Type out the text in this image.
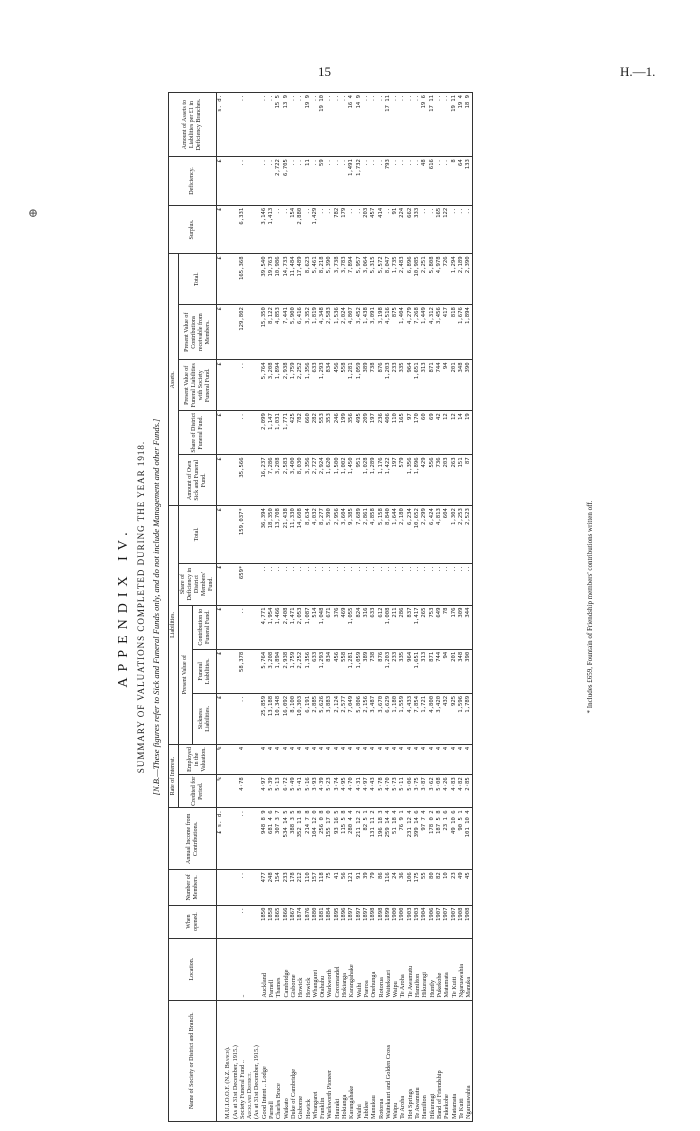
15	H.—1.
⊕
APPENDIX IV. SUMMARY OF VALUATIONS COMPLETED DURING THE YEAR 1918. [N.B.—These figures refer to Sick and Funeral Funds only, and do not include Management and other Funds.]
Name of Society or District and Branch.	Location.	When opened.	Number of Members.	Annual Income from Contributions.	Rate of Interest.		Liabilities.					Assets.					Surplus.	Deficiency.	Amount of Assets to Liabilities per £1 in Deficiency Branches.
					Credited for Period.	Employed in the Valuation.	Present Value of			Share of Deficiency in District Members' Fund.	Total.	Amount of Own Sick and Funeral Fund.	Share of District Funeral Fund.	Present Value of Funeral Liabilities with Society Funeral Fund.	Present Value of Contributions receivable from Members.	Total.			
							Sickness Liabilities.	Funeral Liabilities.	Contribution to Funeral Fund.										
				£ s. d.	%	%	£	£	£	£	£	£	£	£	£	£	£	£	s. d.
M.U.I.O.O.F. (N.Z. Branch).																			
(As at 31st December, 1915.)																			
Society Funeral Fund ..	..	..	..	..	4·78	4	..	58,378	..	659*	159,037*	35,566	..	..	129,802	165,368	6,331	..	..
Auckland District.																			
(As at 31st December, 1915.)																			
Good Intent .. Lodge	Auckland	1850	477	948 8 9	4·97	4	25,859	5,764	4,771	..	36,394	16,237	2,099	5,764	15,350	39,540	3,146	..	..
Parnell	Parnell	1858	248	681 4 6	5·39	4	13,188	3,208	1,954	..	18,350	7,286	1,147	3,208	8,122	19,763	1,413	..	..
Charles Bruce	Thames	1865	154	307 3 7	5·13	4	10,348	1,894	1,466	..	13,708	3,208	1,031	1,894	4,853	10,986	..	2,722	15 5
Waikato	Cambridge	1866	233	534 14 5	6·72	4	16,092	2,938	2,408	..	21,438	2,583	1,771	2,938	7,441	14,733	..	6,705	13 9
Duke of Cambridge	Gisborne	1867	178	388 3 5	5·49	4	8,100	1,759	1,471	..	11,330	3,400	425	1,759	5,900	11,484	154	..	..
Gisborne	Howick	1874	212	352 11 8	5·41	4	10,303	2,252	2,053	..	14,608	8,030	782	2,252	6,416	17,489	2,880	..	..
Howick	Howick	1876	110	214 7 8	5·16	4	6,191	1,356	1,087	..	8,634	3,356	660	1,356	3,352	8,623	..	11	19 9
Whangarei	Whangarei	1880	157	104 12 0	3·93	4	2,885	633	514	..	4,032	2,727	282	633	1,819	5,461	1,429	..	..
Franklin	Otahuhu	1881	118	256 0 8	4·39	4	5,626	1,293	1,048	..	8,277	2,924	553	1,293	4,348	8,218	..	59	19 10
Warkworth Pioneer	Warkworth	1884	75	155 17 0	5·23	4	3,883	834	671	..	5,390	1,620	353	834	2,583	5,390	..	..	..
Hauraki	Coromandel	1895	41	93 16 5	3·74	4	2,124	456	376	..	2,956	1,500	246	456	1,536	3,738	782	..	..
Hokianga	Hokianga	1896	56	115 5 8	4·95	4	2,577	558	469	..	3,604	1,002	199	558	2,024	3,783	179	..	..
Karangahake	Karangahake	1897	121	280 4 4	4·70	4	7,049	1,281	1,055	..	9,385	1,450	356	1,281	4,807	7,894	..	1,491	16 4
Waihi	Waihi	1897	91	211 12 2	4·31	4	5,806	1,059	824	..	7,689	951	495	1,059	3,452	5,957	..	1,732	14 9
Jubilee	Paeroa	1897	39	82 5 1	4·97	4	2,156	389	316	..	2,861	1,028	209	389	1,438	3,064	203	..	..
Manukau	Onehunga	1898	79	131 11 2	4·43	4	3,487	738	633	..	4,858	1,289	197	738	3,091	5,315	457	..	..
Rotorua	Rotorua	1898	86	196 18 3	5·78	4	3,670	876	612	..	5,158	1,176	236	876	3,198	5,572	414	..	..
Waitekauri and Golden Cross	Waitekauri	1899	116	259 14 4	4·70	4	6,629	1,203	1,008	..	8,840	1,422	406	1,203	4,516	8,047	..	793	17 11
Waipu	Waipu	1900	24	51 18 4	5·73	4	1,180	233	211	..	1,644	197	110	233	875	1,735	91	..	..
Te Aroha	Te Aroha	1900	36	76 9 1	5·11	4	1,559	335	286	..	2,180	579	165	335	1,404	2,483	224	..	..
Hot Springs	Te Awamutu	1903	106	231 12 4	5·06	4	4,433	964	837	..	6,234	1,356	97	964	4,279	6,896	662	..	..
Te Awamutu	Hamilton	1903	175	399 14 6	3·75	4	7,854	1,651	1,417	..	10,652	1,896	170	1,651	7,268	10,985	333	..	..
Hamilton	Hikurangi	1904	55	97 7 4	3·87	4	1,721	313	265	..	2,299	429	60	313	1,449	2,251	..	48	19 6
Hikurangi	Huntly	1906	80	178 0 2	3·62	4	4,800	871	753	..	6,424	556	69	871	4,312	5,808	..	616	17 11
Band of Friendship	Pukekohe	1907	82	187 5 8	5·08	4	3,420	744	649	..	4,813	736	42	744	3,456	4,978	165	..	..
Pukekohe	Matamata	1907	10	23 1 6	4·26	4	432	94	78	..	604	203	12	94	417	726	122	..	..
Matamata	Te Kuiti	1907	23	49 10 6	4·83	4	925	201	176	..	1,302	263	12	201	818	1,294	..	8	19 11
Te Kuiti	Ngaruawahia	1908	49	90 5 1	4·82	4	1,596	348	309	..	2,253	151	14	348	1,676	2,189	..	64	19 4
Ngaruawahia	Manuka	1908	45	101 10 4	2·85	4	1,789	390	344	..	2,523	87	19	390	1,894	2,390	..	133	18 9
* Includes £659, Fountain of Friendship members' contributions written off.
